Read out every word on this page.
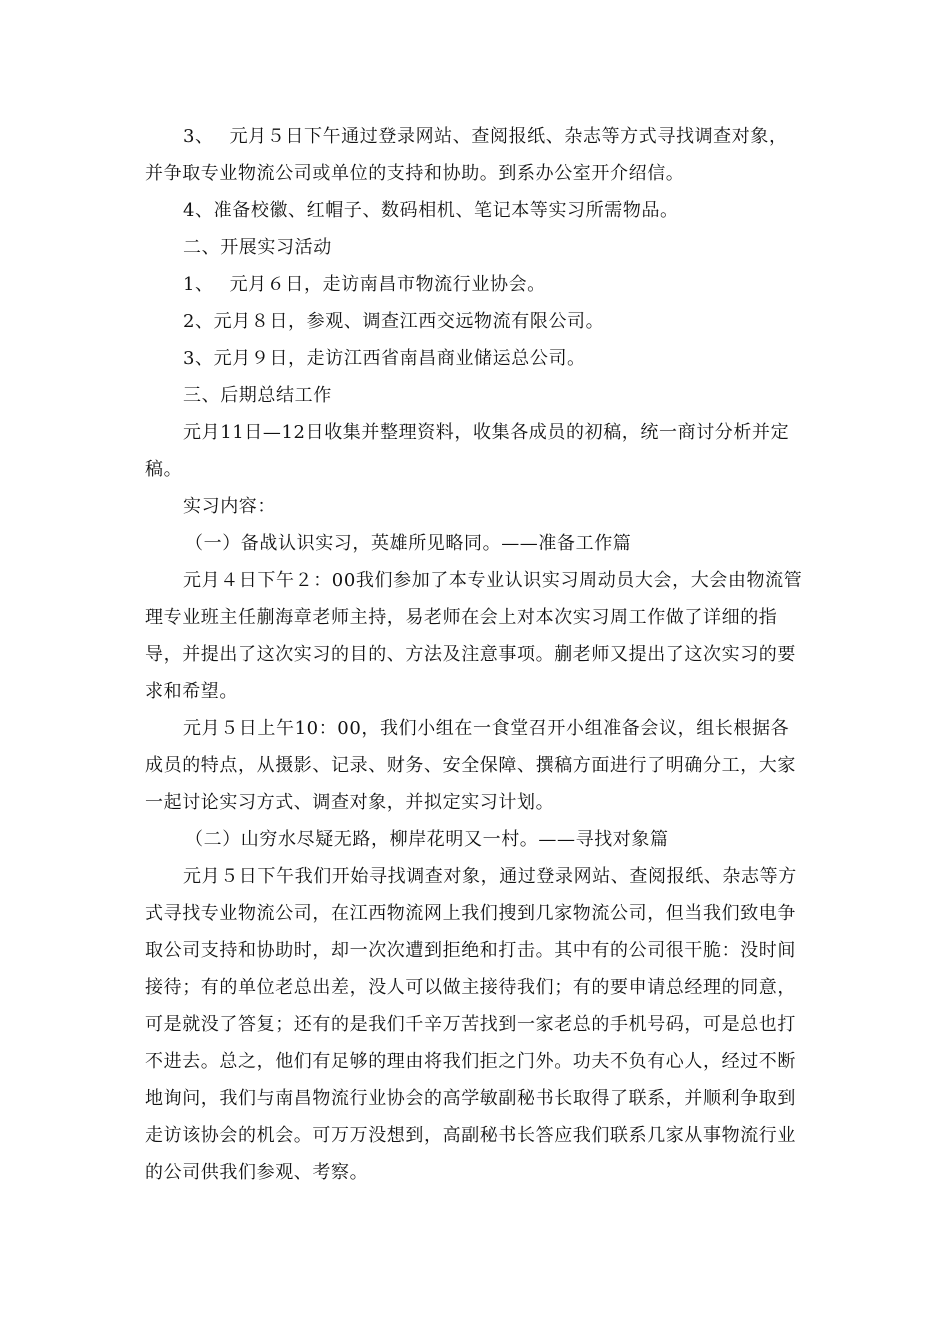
3、　 元月５日下午通过登录网站、查阅报纸、杂志等方式寻找调查对象，并争取专业物流公司或单位的支持和协助。到系办公室开介绍信。

4、准备校徽、红帽子、数码相机、笔记本等实习所需物品。

二、开展实习活动

1、　 元月６日，走访南昌市物流行业协会。

2、元月８日，参观、调查江西交远物流有限公司。

3、元月９日，走访江西省南昌商业储运总公司。

三、后期总结工作

元月11日—12日收集并整理资料，收集各成员的初稿，统一商讨分析并定稿。

实习内容：

（一）备战认识实习，英雄所见略同。——准备工作篇

元月４日下午２：00我们参加了本专业认识实习周动员大会，大会由物流管理专业班主任蒯海章老师主持，易老师在会上对本次实习周工作做了详细的指导，并提出了这次实习的目的、方法及注意事项。蒯老师又提出了这次实习的要求和希望。

元月５日上午10：00，我们小组在一食堂召开小组准备会议，组长根据各成员的特点，从摄影、记录、财务、安全保障、撰稿方面进行了明确分工，大家一起讨论实习方式、调查对象，并拟定实习计划。

（二）山穷水尽疑无路，柳岸花明又一村。——寻找对象篇

元月５日下午我们开始寻找调查对象，通过登录网站、查阅报纸、杂志等方式寻找专业物流公司，在江西物流网上我们搜到几家物流公司，但当我们致电争取公司支持和协助时，却一次次遭到拒绝和打击。其中有的公司很干脆：没时间接待；有的单位老总出差，没人可以做主接待我们；有的要申请总经理的同意，可是就没了答复；还有的是我们千辛万苦找到一家老总的手机号码，可是总也打不进去。总之，他们有足够的理由将我们拒之门外。功夫不负有心人，经过不断地询问，我们与南昌物流行业协会的高学敏副秘书长取得了联系，并顺利争取到走访该协会的机会。可万万没想到，高副秘书长答应我们联系几家从事物流行业的公司供我们参观、考察。
